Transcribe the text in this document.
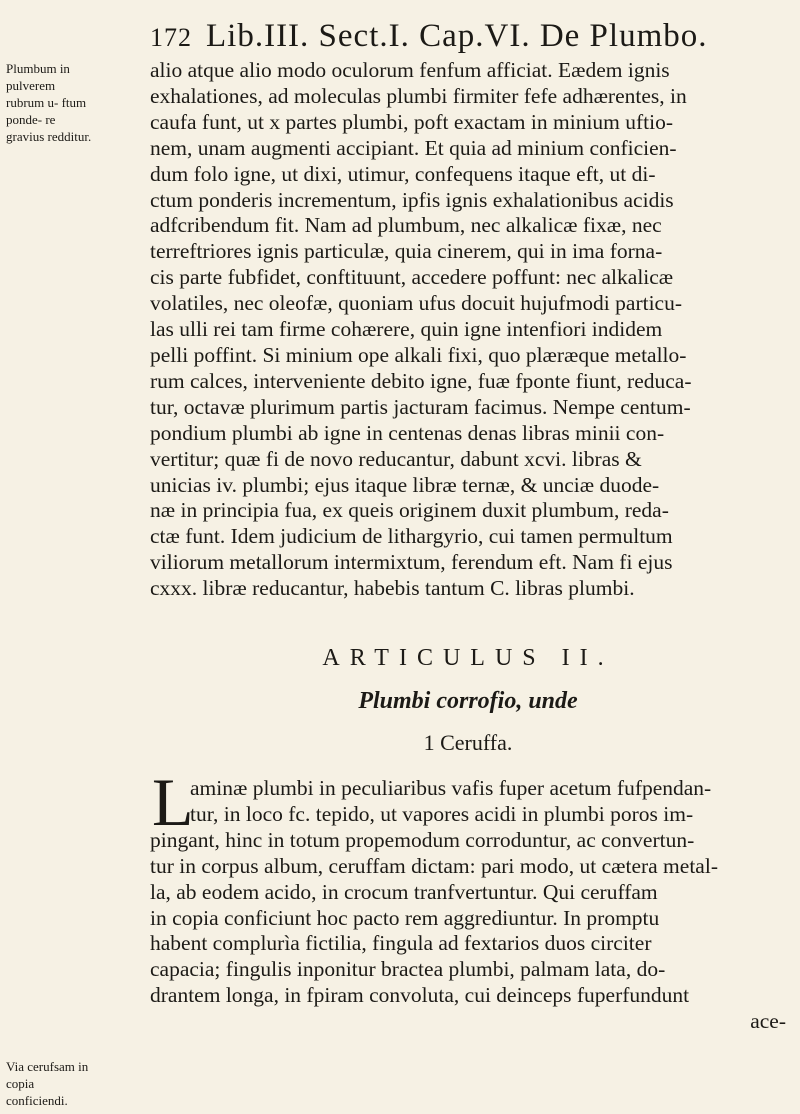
172 Lib.III. Sect.I. Cap.VI. De Plumbo.
Plumbum in pulverem rubrum u- ftum ponde- re gravius redditur.
Via cerufsam in copia conficiendi.
alio atque alio modo oculorum fenfum afficiat. Eædem ignis
exhalationes, ad moleculas plumbi firmiter fefe adhærentes, in
caufa funt, ut x partes plumbi, poft exactam in minium uftio-
nem, unam augmenti accipiant. Et quia ad minium conficien-
dum folo igne, ut dixi, utimur, confequens itaque eft, ut di-
ctum ponderis incrementum, ipfis ignis exhalationibus acidis
adfcribendum fit. Nam ad plumbum, nec alkalicæ fixæ, nec
terreftriores ignis particulæ, quia cinerem, qui in ima forna-
cis parte fubfidet, conftituunt, accedere poffunt: nec alkalicæ
volatiles, nec oleofæ, quoniam ufus docuit hujufmodi particu-
las ulli rei tam firme cohærere, quin igne intenfiori indidem
pelli poffint. Si minium ope alkali fixi, quo plæræque metallo-
rum calces, interveniente debito igne, fuæ fponte fiunt, reduca-
tur, octavæ plurimum partis jacturam facimus. Nempe centum-
pondium plumbi ab igne in centenas denas libras minii con-
vertitur; quæ fi de novo reducantur, dabunt xcvi. libras &
unicias iv. plumbi; ejus itaque libræ ternæ, & unciæ duode-
næ in principia fua, ex queis originem duxit plumbum, reda-
ctæ funt. Idem judicium de lithargyrio, cui tamen permultum
viliorum metallorum intermixtum, ferendum eft. Nam fi ejus
cxxx. libræ reducantur, habebis tantum C. libras plumbi.
ARTICULUS II.
Plumbi corrofio, unde
1 Ceruffa.
L
aminæ plumbi in peculiaribus vafis fuper acetum fufpendan-
tur, in loco fc. tepido, ut vapores acidi in plumbi poros im-
pingant, hinc in totum propemodum corroduntur, ac convertun-
tur in corpus album, ceruffam dictam: pari modo, ut cætera metal-
la, ab eodem acido, in crocum tranfvertuntur. Qui ceruffam
in copia conficiunt hoc pacto rem aggrediuntur. In promptu
habent complurìa fictilia, fingula ad fextarios duos circiter
capacia; fingulis inponitur bractea plumbi, palmam lata, do-
drantem longa, in fpiram convoluta, cui deinceps fuperfundunt
ace-
